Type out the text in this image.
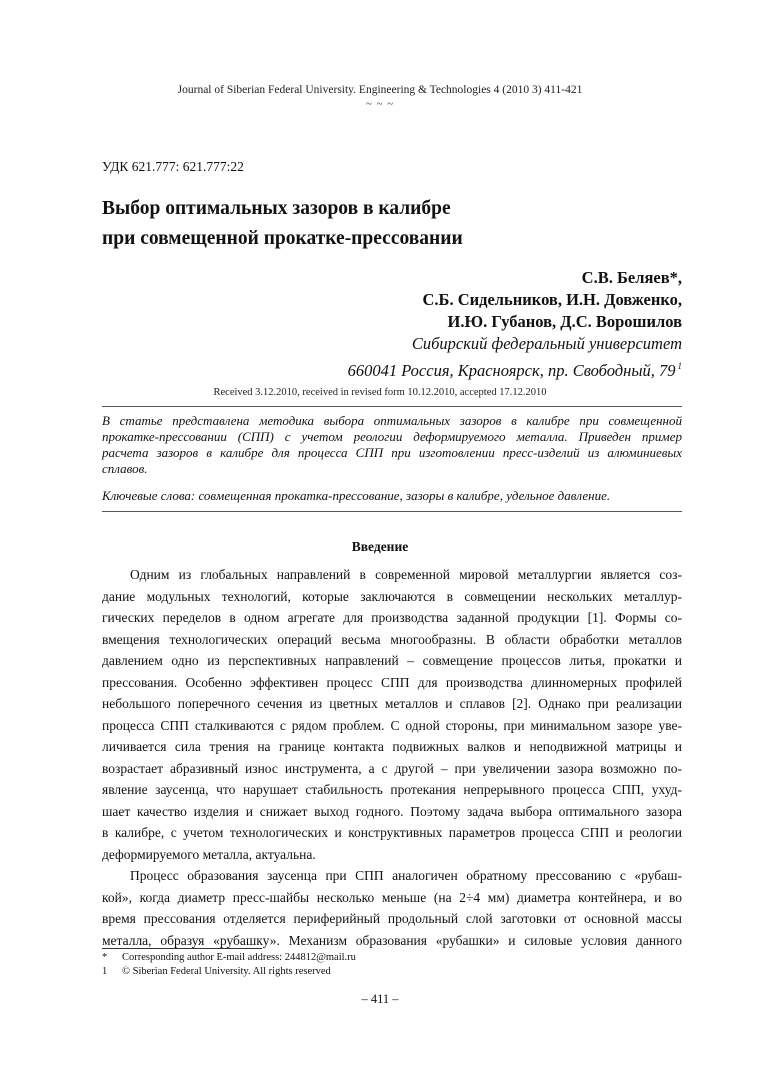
Journal of Siberian Federal University. Engineering & Technologies 4 (2010 3) 411-421
~ ~ ~
УДК 621.777: 621.777:22
Выбор оптимальных зазоров в калибре
при совмещенной прокатке-прессовании
С.В. Беляев*,
С.Б. Сидельников, И.Н. Довженко,
И.Ю. Губанов, Д.С. Ворошилов
Сибирский федеральный университет
660041 Россия, Красноярск, пр. Свободный, 79 $^1$
Received 3.12.2010, received in revised form 10.12.2010, accepted 17.12.2010
В статье представлена методика выбора оптимальных зазоров в калибре при совмещенной
прокатке-прессовании (СПП) с учетом реологии деформируемого металла. Приведен пример
расчета зазоров в калибре для процесса СПП при изготовлении пресс-изделий из алюминиевых
сплавов.
Ключевые слова: совмещенная прокатка-прессование, зазоры в калибре, удельное давление.
Введение
Одним из глобальных направлений в современной мировой металлургии является соз-
дание модульных технологий, которые заключаются в совмещении нескольких металлур-
гических переделов в одном агрегате для производства заданной продукции [1]. Формы со-
вмещения технологических операций весьма многообразны. В области обработки металлов
давлением одно из перспективных направлений – совмещение процессов литья, прокатки и
прессования. Особенно эффективен процесс СПП для производства длинномерных профилей
небольшого поперечного сечения из цветных металлов и сплавов [2]. Однако при реализации
процесса СПП сталкиваются с рядом проблем. С одной стороны, при минимальном зазоре уве-
личивается сила трения на границе контакта подвижных валков и неподвижной матрицы и
возрастает абразивный износ инструмента, а с другой – при увеличении зазора возможно по-
явление заусенца, что нарушает стабильность протекания непрерывного процесса СПП, ухуд-
шает качество изделия и снижает выход годного. Поэтому задача выбора оптимального зазора
в калибре, с учетом технологических и конструктивных параметров процесса СПП и реологии
деформируемого металла, актуальна.
Процесс образования заусенца при СПП аналогичен обратному прессованию с «рубаш-
кой», когда диаметр пресс-шайбы несколько меньше (на 2÷4 мм) диаметра контейнера, и во
время прессования отделяется периферийный продольный слой заготовки от основной массы
металла, образуя «рубашку». Механизм образования «рубашки» и силовые условия данного
* Corresponding author E-mail address: 244812@mail.ru
1 © Siberian Federal University. All rights reserved
– 411 –
